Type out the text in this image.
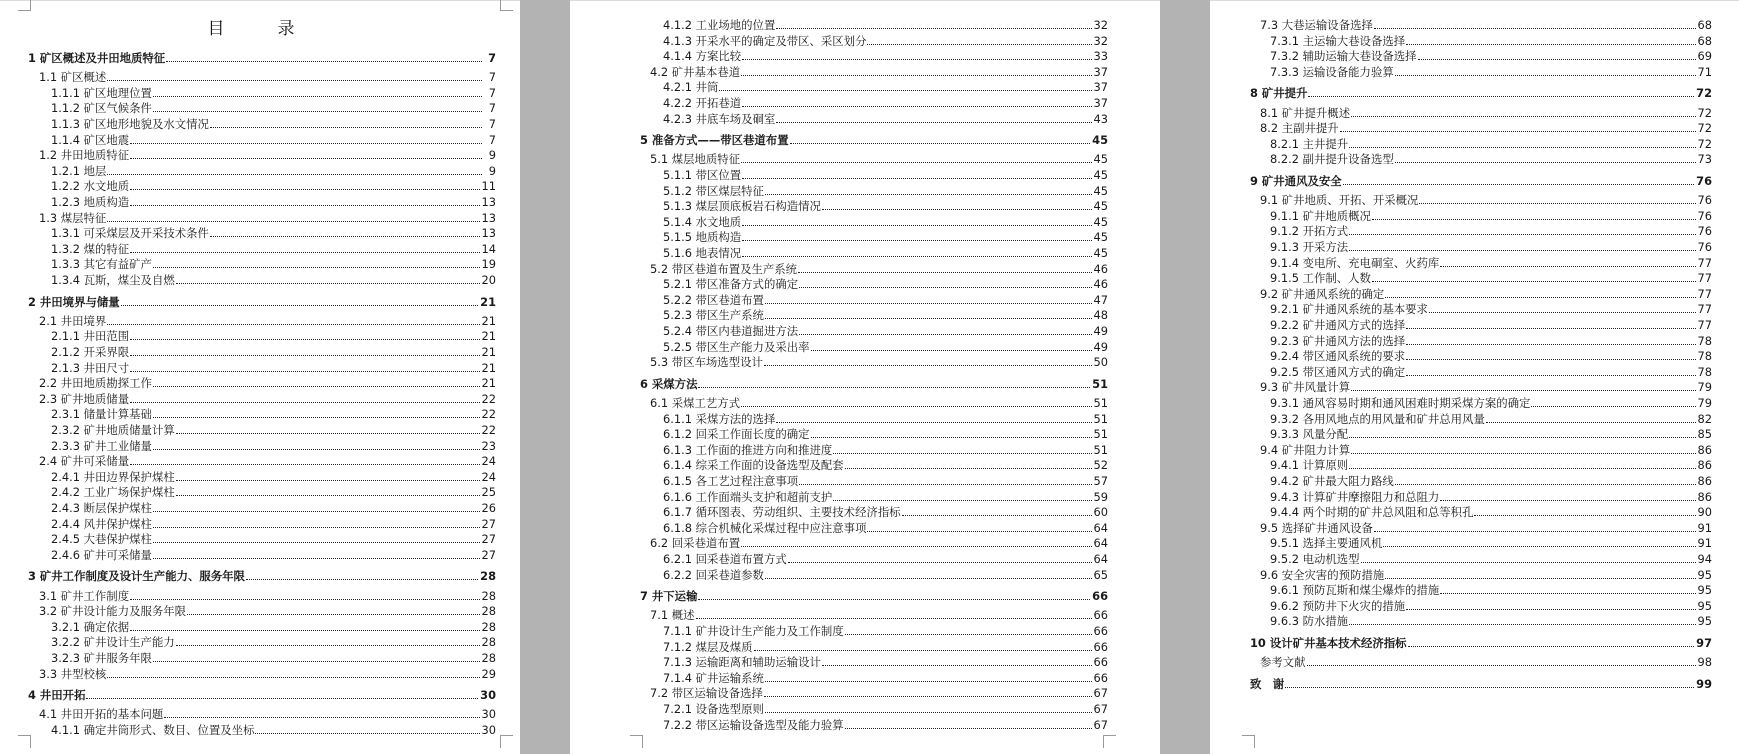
目　录
1 矿区概述及井田地质特征	7
1.1 矿区概述	7
1.1.1 矿区地理位置	7
1.1.2 矿区气候条件	7
1.1.3 矿区地形地貌及水文情况	7
1.1.4 矿区地震	7
1.2 井田地质特征	9
1.2.1 地层	9
1.2.2 水文地质	11
1.2.3 地质构造	13
1.3 煤层特征	13
1.3.1 可采煤层及开采技术条件	13
1.3.2 煤的特征	14
1.3.3 其它有益矿产	19
1.3.4 瓦斯，煤尘及自燃	20
2 井田境界与储量	21
2.1 井田境界	21
2.1.1 井田范围	21
2.1.2 开采界限	21
2.1.3 井田尺寸	21
2.2 井田地质勘探工作	21
2.3 矿井地质储量	22
2.3.1 储量计算基础	22
2.3.2 矿井地质储量计算	22
2.3.3 矿井工业储量	23
2.4 矿井可采储量	24
2.4.1 井田边界保护煤柱	24
2.4.2 工业广场保护煤柱	25
2.4.3 断层保护煤柱	26
2.4.4 风井保护煤柱	27
2.4.5 大巷保护煤柱	27
2.4.6 矿井可采储量	27
3 矿井工作制度及设计生产能力、服务年限	28
3.1 矿井工作制度	28
3.2 矿井设计能力及服务年限	28
3.2.1 确定依据	28
3.2.2 矿井设计生产能力	28
3.2.3 矿井服务年限	28
3.3 井型校核	29
4 井田开拓	30
4.1 井田开拓的基本问题	30
4.1.1 确定井筒形式、数目、位置及坐标	30
4.1.2 工业场地的位置	32
4.1.3 开采水平的确定及带区、采区划分	32
4.1.4 方案比较	33
4.2 矿井基本巷道	37
4.2.1 井筒	37
4.2.2 开拓巷道	37
4.2.3 井底车场及硐室	43
5 准备方式——带区巷道布置	45
5.1 煤层地质特征	45
5.1.1 带区位置	45
5.1.2 带区煤层特征	45
5.1.3 煤层顶底板岩石构造情况	45
5.1.4 水文地质	45
5.1.5 地质构造	45
5.1.6 地表情况	45
5.2 带区巷道布置及生产系统	46
5.2.1 带区准备方式的确定	46
5.2.2 带区巷道布置	47
5.2.3 带区生产系统	48
5.2.4 带区内巷道掘进方法	49
5.2.5 带区生产能力及采出率	49
5.3 带区车场选型设计	50
6 采煤方法	51
6.1 采煤工艺方式	51
6.1.1 采煤方法的选择	51
6.1.2 回采工作面长度的确定	51
6.1.3 工作面的推进方向和推进度	51
6.1.4 综采工作面的设备选型及配套	52
6.1.5 各工艺过程注意事项	57
6.1.6 工作面端头支护和超前支护	59
6.1.7 循环图表、劳动组织、主要技术经济指标	60
6.1.8 综合机械化采煤过程中应注意事项	64
6.2 回采巷道布置	64
6.2.1 回采巷道布置方式	64
6.2.2 回采巷道参数	65
7 井下运输	66
7.1 概述	66
7.1.1 矿井设计生产能力及工作制度	66
7.1.2 煤层及煤质	66
7.1.3 运输距离和辅助运输设计	66
7.1.4 矿井运输系统	66
7.2 带区运输设备选择	67
7.2.1 设备选型原则	67
7.2.2 带区运输设备选型及能力验算	67
7.3 大巷运输设备选择	68
7.3.1 主运输大巷设备选择	68
7.3.2 辅助运输大巷设备选择	69
7.3.3 运输设备能力验算	71
8 矿井提升	72
8.1 矿井提升概述	72
8.2 主副井提升	72
8.2.1 主井提升	72
8.2.2 副井提升设备选型	73
9 矿井通风及安全	76
9.1 矿井地质、开拓、开采概况	76
9.1.1 矿井地质概况	76
9.1.2 开拓方式	76
9.1.3 开采方法	76
9.1.4 变电所、充电硐室、火药库	77
9.1.5 工作制、人数	77
9.2 矿井通风系统的确定	77
9.2.1 矿井通风系统的基本要求	77
9.2.2 矿井通风方式的选择	77
9.2.3 矿井通风方法的选择	78
9.2.4 带区通风系统的要求	78
9.2.5 带区通风方式的确定	78
9.3 矿井风量计算	79
9.3.1 通风容易时期和通风困难时期采煤方案的确定	79
9.3.2 各用风地点的用风量和矿井总用风量	82
9.3.3 风量分配	85
9.4 矿井阻力计算	86
9.4.1 计算原则	86
9.4.2 矿井最大阻力路线	86
9.4.3 计算矿井摩擦阻力和总阻力	86
9.4.4 两个时期的矿井总风阻和总等积孔	90
9.5 选择矿井通风设备	91
9.5.1 选择主要通风机	91
9.5.2 电动机选型	94
9.6 安全灾害的预防措施	95
9.6.1 预防瓦斯和煤尘爆炸的措施	95
9.6.2 预防井下火灾的措施	95
9.6.3 防水措施	95
10 设计矿井基本技术经济指标	97
参考文献	98
致　谢	99
